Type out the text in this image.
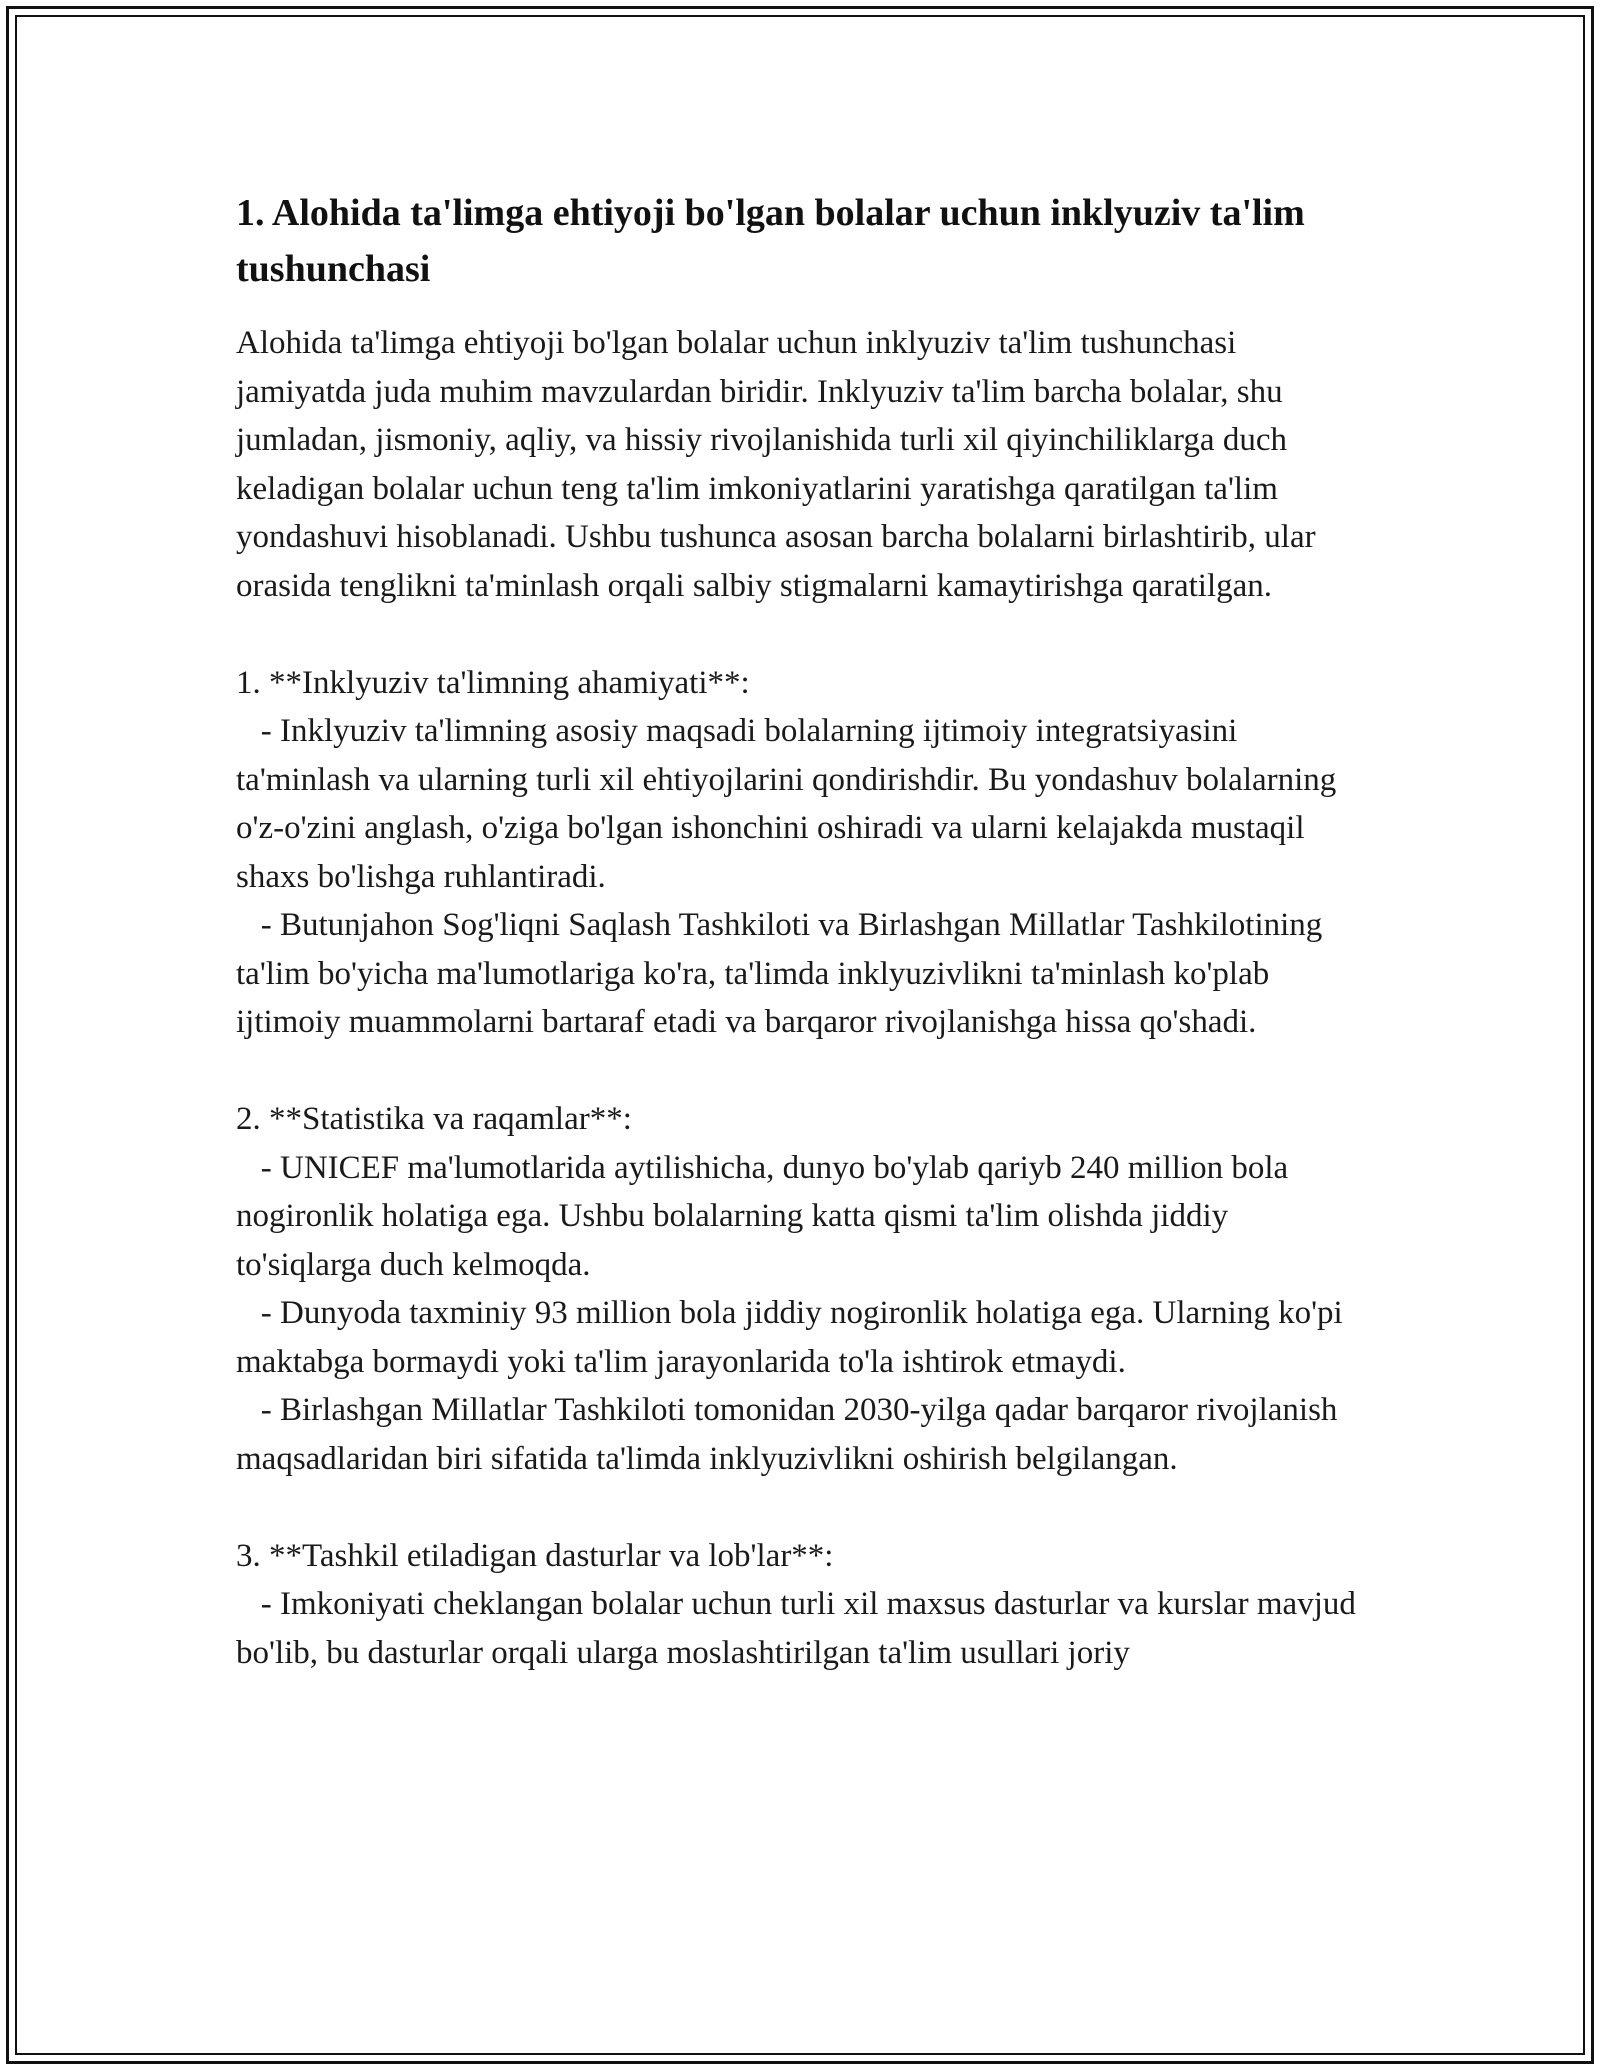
1. Alohida ta'limga ehtiyoji bo'lgan bolalar uchun inklyuziv ta'lim tushunchasi

Alohida ta'limga ehtiyoji bo'lgan bolalar uchun inklyuziv ta'lim tushunchasi jamiyatda juda muhim mavzulardan biridir. Inklyuziv ta'lim barcha bolalar, shu jumladan, jismoniy, aqliy, va hissiy rivojlanishida turli xil qiyinchiliklarga duch keladigan bolalar uchun teng ta'lim imkoniyatlarini yaratishga qaratilgan ta'lim yondashuvi hisoblanadi. Ushbu tushunca asosan barcha bolalarni birlashtirib, ular orasida tenglikni ta'minlash orqali salbiy stigmalarni kamaytirishga qaratilgan.

1. **Inklyuziv ta'limning ahamiyati**:

- Inklyuziv ta'limning asosiy maqsadi bolalarning ijtimoiy integratsiyasini ta'minlash va ularning turli xil ehtiyojlarini qondirishdir. Bu yondashuv bolalarning o'z-o'zini anglash, o'ziga bo'lgan ishonchini oshiradi va ularni kelajakda mustaqil shaxs bo'lishga ruhlantiradi.

- Butunjahon Sog'liqni Saqlash Tashkiloti va Birlashgan Millatlar Tashkilotining ta'lim bo'yicha ma'lumotlariga ko'ra, ta'limda inklyuzivlikni ta'minlash ko'plab ijtimoiy muammolarni bartaraf etadi va barqaror rivojlanishga hissa qo'shadi.

2. **Statistika va raqamlar**:

- UNICEF ma'lumotlarida aytilishicha, dunyo bo'ylab qariyb 240 million bola nogironlik holatiga ega. Ushbu bolalarning katta qismi ta'lim olishda jiddiy to'siqlarga duch kelmoqda.

- Dunyoda taxminiy 93 million bola jiddiy nogironlik holatiga ega. Ularning ko'pi maktabga bormaydi yoki ta'lim jarayonlarida to'la ishtirok etmaydi.

- Birlashgan Millatlar Tashkiloti tomonidan 2030-yilga qadar barqaror rivojlanish maqsadlaridan biri sifatida ta'limda inklyuzivlikni oshirish belgilangan.

3. **Tashkil etiladigan dasturlar va lob'lar**:

- Imkoniyati cheklangan bolalar uchun turli xil maxsus dasturlar va kurslar mavjud bo'lib, bu dasturlar orqali ularga moslashtirilgan ta'lim usullari joriy
